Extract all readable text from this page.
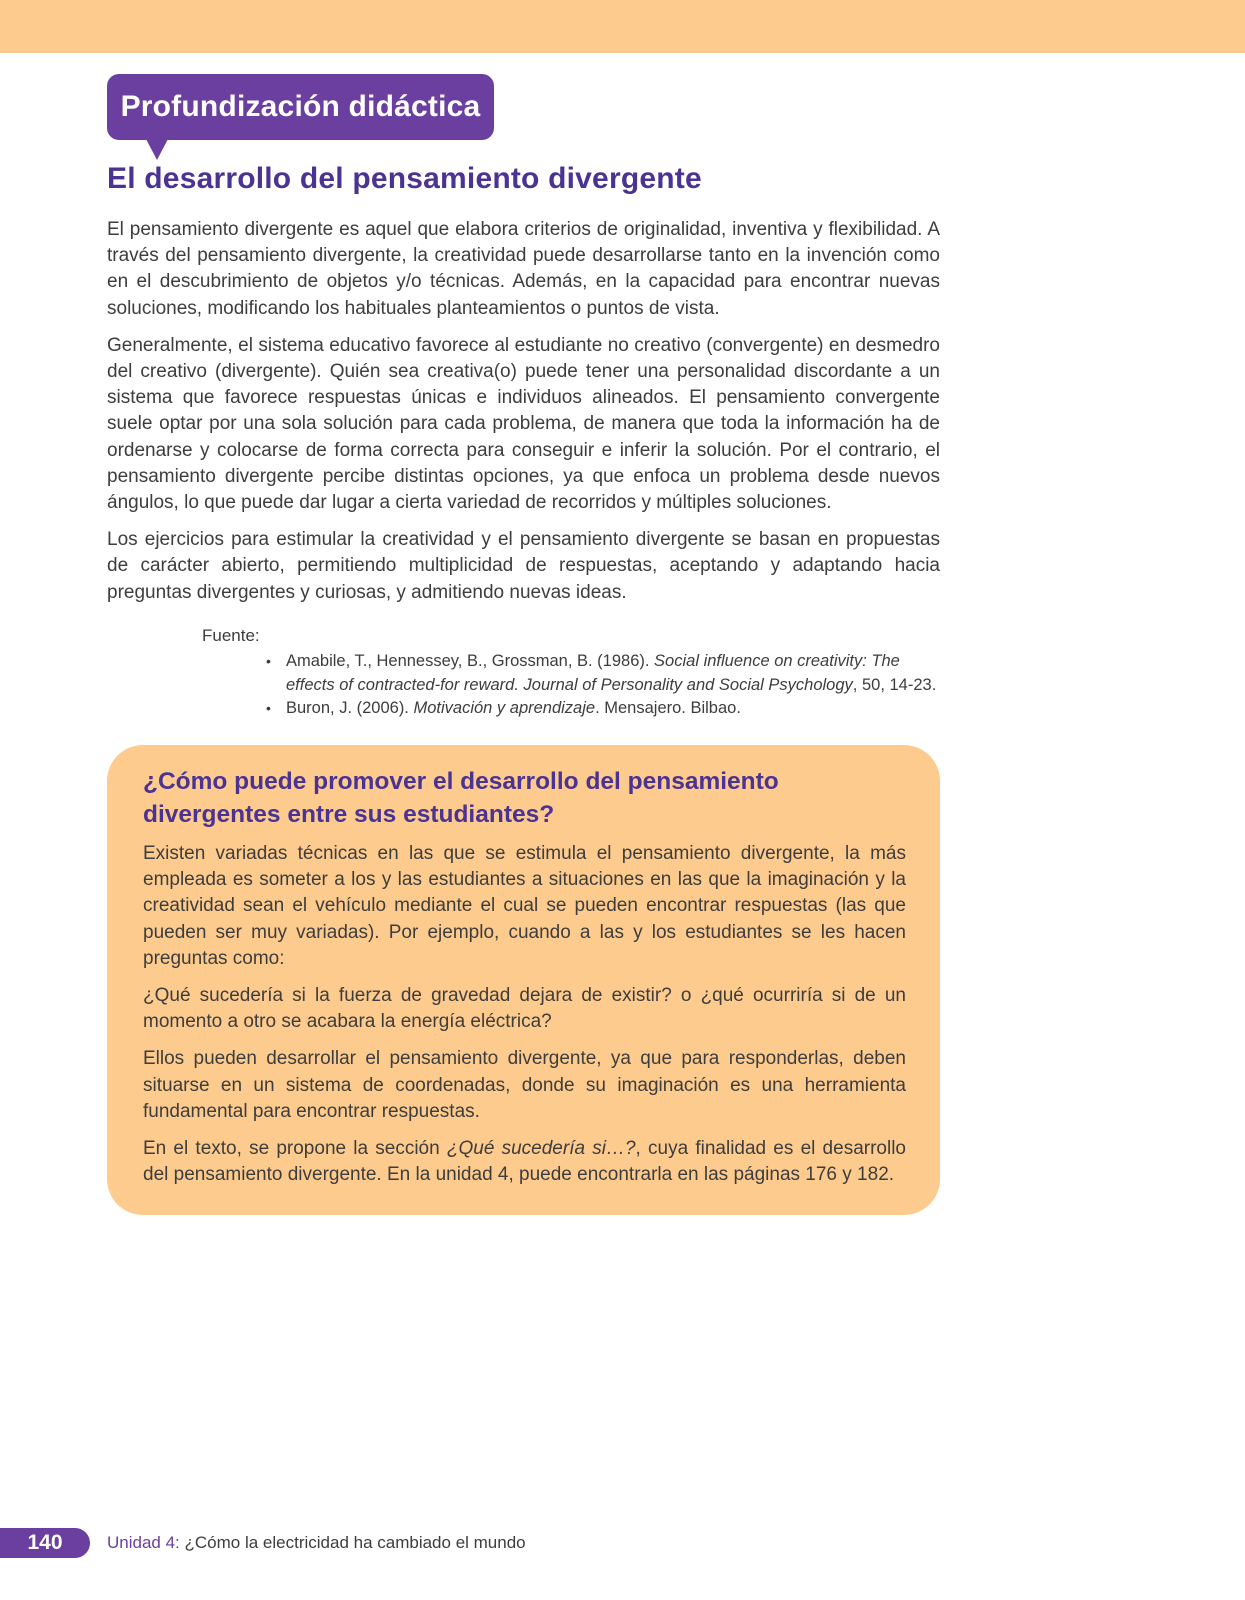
Profundización didáctica
El desarrollo del pensamiento divergente

El pensamiento divergente es aquel que elabora criterios de originalidad, inventiva y flexibilidad. A través del pensamiento divergente, la creatividad puede desarrollarse tanto en la invención como en el descubrimiento de objetos y/o técnicas. Además, en la capacidad para encontrar nuevas soluciones, modificando los habituales planteamientos o puntos de vista.

Generalmente, el sistema educativo favorece al estudiante no creativo (convergente) en desmedro del creativo (divergente). Quién sea creativa(o) puede tener una personalidad discordante a un sistema que favorece respuestas únicas e individuos alineados. El pensamiento convergente suele optar por una sola solución para cada problema, de manera que toda la información ha de ordenarse y colocarse de forma correcta para conseguir e inferir la solución. Por el contrario, el pensamiento divergente percibe distintas opciones, ya que enfoca un problema desde nuevos ángulos, lo que puede dar lugar a cierta variedad de recorridos y múltiples soluciones.

Los ejercicios para estimular la creatividad y el pensamiento divergente se basan en propuestas de carácter abierto, permitiendo multiplicidad de respuestas, aceptando y adaptando hacia preguntas divergentes y curiosas, y admitiendo nuevas ideas.

Fuente:
• Amabile, T., Hennessey, B., Grossman, B. (1986). Social influence on creativity: The effects of contracted-for reward. Journal of Personality and Social Psychology, 50, 14-23.
• Buron, J. (2006). Motivación y aprendizaje. Mensajero. Bilbao.
¿Cómo puede promover el desarrollo del pensamiento divergentes entre sus estudiantes?

Existen variadas técnicas en las que se estimula el pensamiento divergente, la más empleada es someter a los y las estudiantes a situaciones en las que la imaginación y la creatividad sean el vehículo mediante el cual se pueden encontrar respuestas (las que pueden ser muy variadas). Por ejemplo, cuando a las y los estudiantes se les hacen preguntas como:

¿Qué sucedería si la fuerza de gravedad dejara de existir? o ¿qué ocurriría si de un momento a otro se acabara la energía eléctrica?

Ellos pueden desarrollar el pensamiento divergente, ya que para responderlas, deben situarse en un sistema de coordenadas, donde su imaginación es una herramienta fundamental para encontrar respuestas.

En el texto, se propone la sección ¿Qué sucedería si…?, cuya finalidad es el desarrollo del pensamiento divergente. En la unidad 4, puede encontrarla en las páginas 176 y 182.

140	Unidad 4: ¿Cómo la electricidad ha cambiado el mundo
